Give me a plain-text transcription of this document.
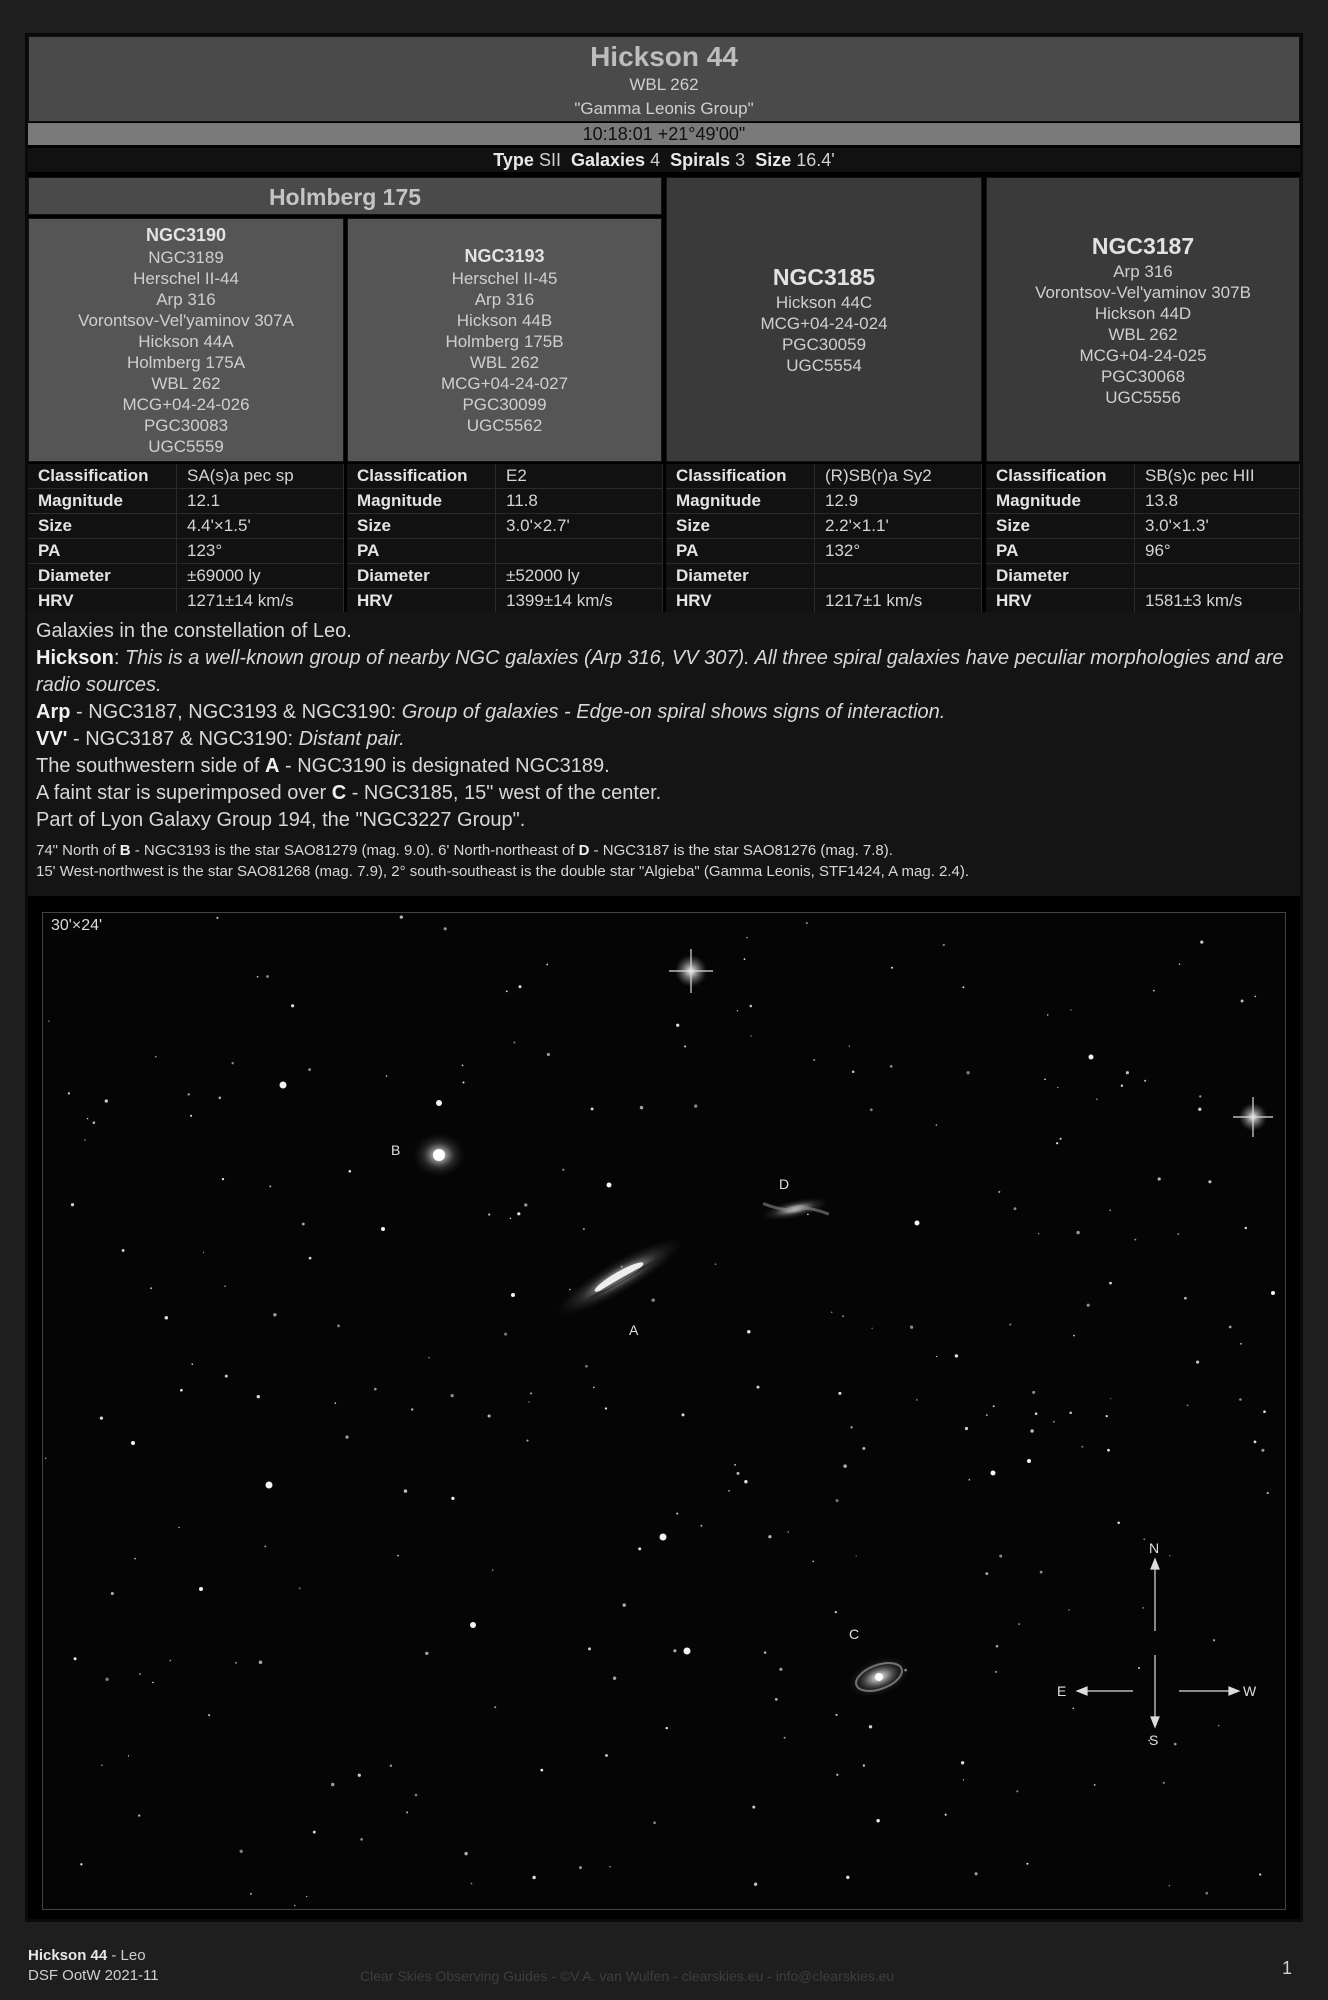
Hickson 44
WBL 262
"Gamma Leonis Group"
10:18:01 +21°49'00"
Type SII Galaxies 4 Spirals 3 Size 16.4'
Holmberg 175
NGC3190
NGC3189
Herschel II-44
Arp 316
Vorontsov-Vel'yaminov 307A
Hickson 44A
Holmberg 175A
WBL 262
MCG+04-24-026
PGC30083
UGC5559
NGC3193
Herschel II-45
Arp 316
Hickson 44B
Holmberg 175B
WBL 262
MCG+04-24-027
PGC30099
UGC5562
NGC3185
Hickson 44C
MCG+04-24-024
PGC30059
UGC5554
NGC3187
Arp 316
Vorontsov-Vel'yaminov 307B
Hickson 44D
WBL 262
MCG+04-24-025
PGC30068
UGC5556
Classification	SA(s)a pec sp
Magnitude	12.1
Size	4.4'×1.5'
PA	123°
Diameter	±69000 ly
HRV	1271±14 km/s
Classification	E2
Magnitude	11.8
Size	3.0'×2.7'
PA	
Diameter	±52000 ly
HRV	1399±14 km/s
Classification	(R)SB(r)a Sy2
Magnitude	12.9
Size	2.2'×1.1'
PA	132°
Diameter	
HRV	1217±1 km/s
Classification	SB(s)c pec HII
Magnitude	13.8
Size	3.0'×1.3'
PA	96°
Diameter	
HRV	1581±3 km/s

Galaxies in the constellation of Leo.

Hickson: This is a well-known group of nearby NGC galaxies (Arp 316, VV 307). All three spiral galaxies have peculiar morphologies and are radio sources.

Arp - NGC3187, NGC3193 & NGC3190: Group of galaxies - Edge-on spiral shows signs of interaction.

VV' - NGC3187 & NGC3190: Distant pair.

The southwestern side of A - NGC3190 is designated NGC3189.

A faint star is superimposed over C - NGC3185, 15" west of the center.

Part of Lyon Galaxy Group 194, the "NGC3227 Group".

74" North of B - NGC3193 is the star SAO81279 (mag. 9.0). 6' North-northeast of D - NGC3187 is the star SAO81276 (mag. 7.8).

15' West-northwest is the star SAO81268 (mag. 7.9), 2° south-southeast is the double star "Algieba" (Gamma Leonis, STF1424, A mag. 2.4).

B
A
D
C
N
S
E	W
30'×24'
Hickson 44 - Leo
DSF OotW 2021-11	Clear Skies Observing Guides - ©V.A. van Wulfen - clearskies.eu - info@clearskies.eu	1
